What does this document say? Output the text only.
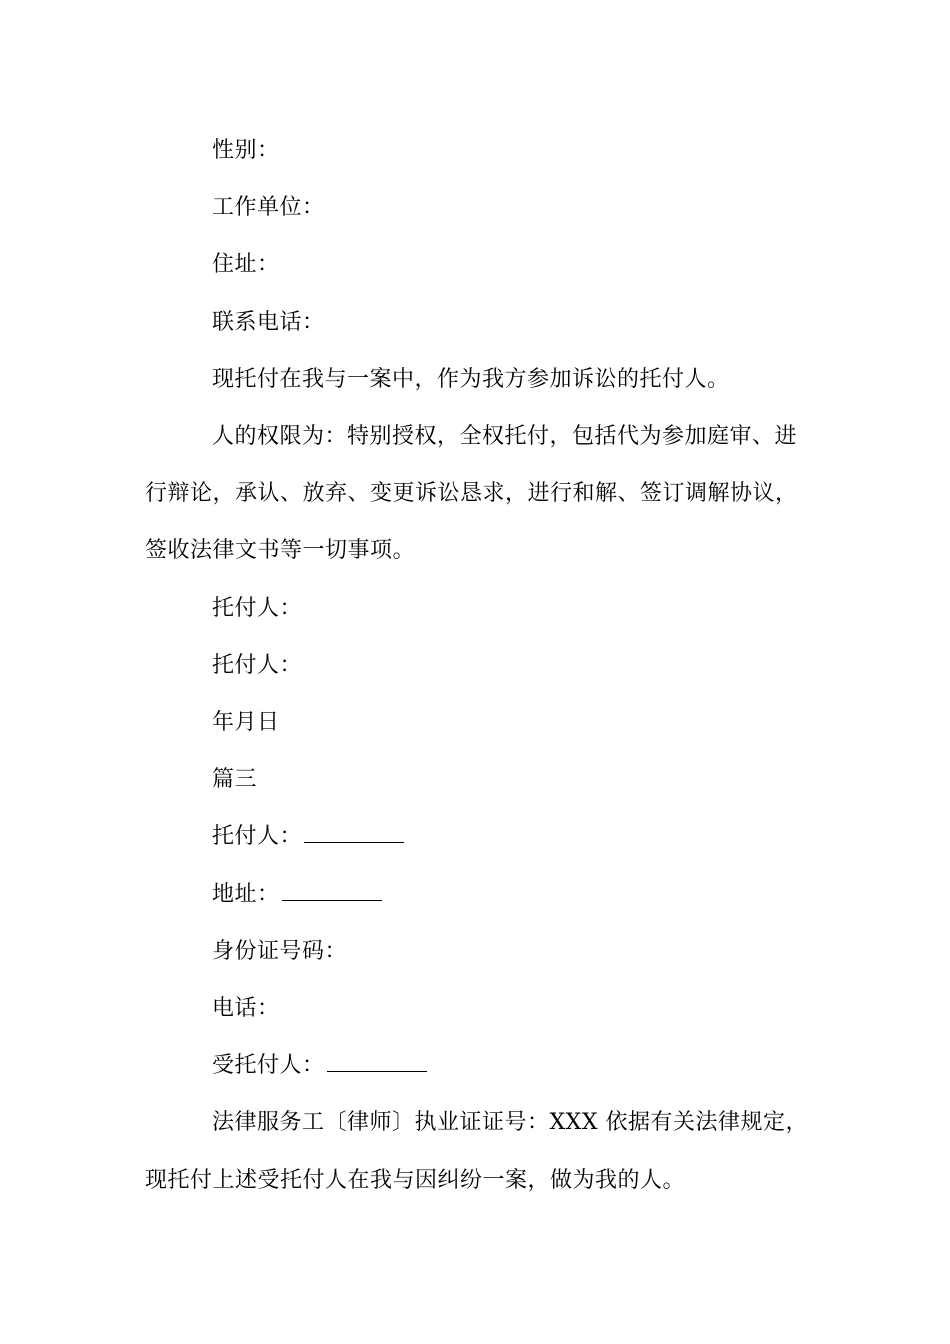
性别：
工作单位：
住址：
联系电话：
现托付在我与一案中，作为我方参加诉讼的托付人。
人的权限为：特别授权，全权托付，包括代为参加庭审、进
行辩论，承认、放弃、变更诉讼恳求，进行和解、签订调解协议，
签收法律文书等一切事项。
托付人：
托付人：
年月日
篇三
托付人：
地址：
身份证号码：
电话：
受托付人：
法律服务工〔律师〕执业证证号：XXX 依据有关法律规定，
现托付上述受托付人在我与因纠纷一案，做为我的人。
